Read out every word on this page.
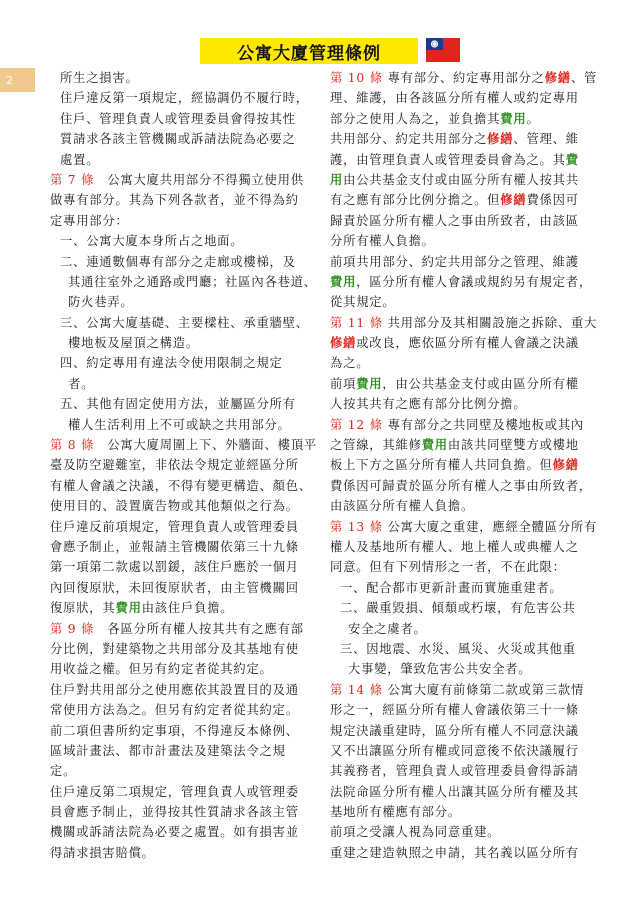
公寓大廈管理條例
2	所生之損害。
住戶違反第一項規定，經協調仍不履行時，
住戶、管理負責人或管理委員會得按其性
質請求各該主管機關或訴請法院為必要之
處置。
第 7 條　公寓大廈共用部分不得獨立使用供
做專有部分。其為下列各款者，並不得為約
定專用部分：
一、公寓大廈本身所占之地面。
二、連通數個專有部分之走廊或樓梯，及
其通往室外之通路或門廳；社區內各巷道、
防火巷弄。
三、公寓大廈基礎、主要樑柱、承重牆壁、
樓地板及屋頂之構造。
四、約定專用有違法令使用限制之規定
者。
五、其他有固定使用方法，並屬區分所有
權人生活利用上不可或缺之共用部分。
第 8 條　公寓大廈周圍上下、外牆面、樓頂平
臺及防空避難室，非依法令規定並經區分所
有權人會議之決議，不得有變更構造、顏色、
使用目的、設置廣告物或其他類似之行為。
住戶違反前項規定，管理負責人或管理委員
會應予制止，並報請主管機關依第三十九條
第一項第二款處以罰鍰，該住戶應於一個月
內回復原狀，未回復原狀者，由主管機關回
復原狀，其費用由該住戶負擔。
第 9 條　各區分所有權人按其共有之應有部
分比例，對建築物之共用部分及其基地有使
用收益之權。但另有約定者從其約定。
住戶對共用部分之使用應依其設置目的及通
常使用方法為之。但另有約定者從其約定。
前二項但書所約定事項，不得違反本條例、
區域計畫法、都市計畫法及建築法令之規
定。
住戶違反第二項規定，管理負責人或管理委
員會應予制止，並得按其性質請求各該主管
機關或訴請法院為必要之處置。如有損害並
得請求損害賠償。
第 10 條 專有部分、約定專用部分之修繕、管
理、維護，由各該區分所有權人或約定專用
部分之使用人為之，並負擔其費用。
共用部分、約定共用部分之修繕、管理、維
護，由管理負責人或管理委員會為之。其費
用由公共基金支付或由區分所有權人按其共
有之應有部分比例分擔之。但修繕費係因可
歸責於區分所有權人之事由所致者，由該區
分所有權人負擔。
前項共用部分、約定共用部分之管理、維護
費用，區分所有權人會議或規約另有規定者，
從其規定。
第 11 條 共用部分及其相關設施之拆除、重大
修繕或改良，應依區分所有權人會議之決議
為之。
前項費用，由公共基金支付或由區分所有權
人按其共有之應有部分比例分擔。
第 12 條 專有部分之共同壁及樓地板或其內
之管線，其維修費用由該共同壁雙方或樓地
板上下方之區分所有權人共同負擔。但修繕
費係因可歸責於區分所有權人之事由所致者，
由該區分所有權人負擔。
第 13 條 公寓大廈之重建，應經全體區分所有
權人及基地所有權人、地上權人或典權人之
同意。但有下列情形之一者，不在此限：
一、配合都市更新計畫而實施重建者。
二、嚴重毀損、傾頹或朽壞，有危害公共
安全之虞者。
三、因地震、水災、風災、火災或其他重
大事變，肇致危害公共安全者。
第 14 條 公寓大廈有前條第二款或第三款情
形之一，經區分所有權人會議依第三十一條
規定決議重建時，區分所有權人不同意決議
又不出讓區分所有權或同意後不依決議履行
其義務者，管理負責人或管理委員會得訴請
法院命區分所有權人出讓其區分所有權及其
基地所有權應有部分。
前項之受讓人視為同意重建。
重建之建造執照之申請，其名義以區分所有
